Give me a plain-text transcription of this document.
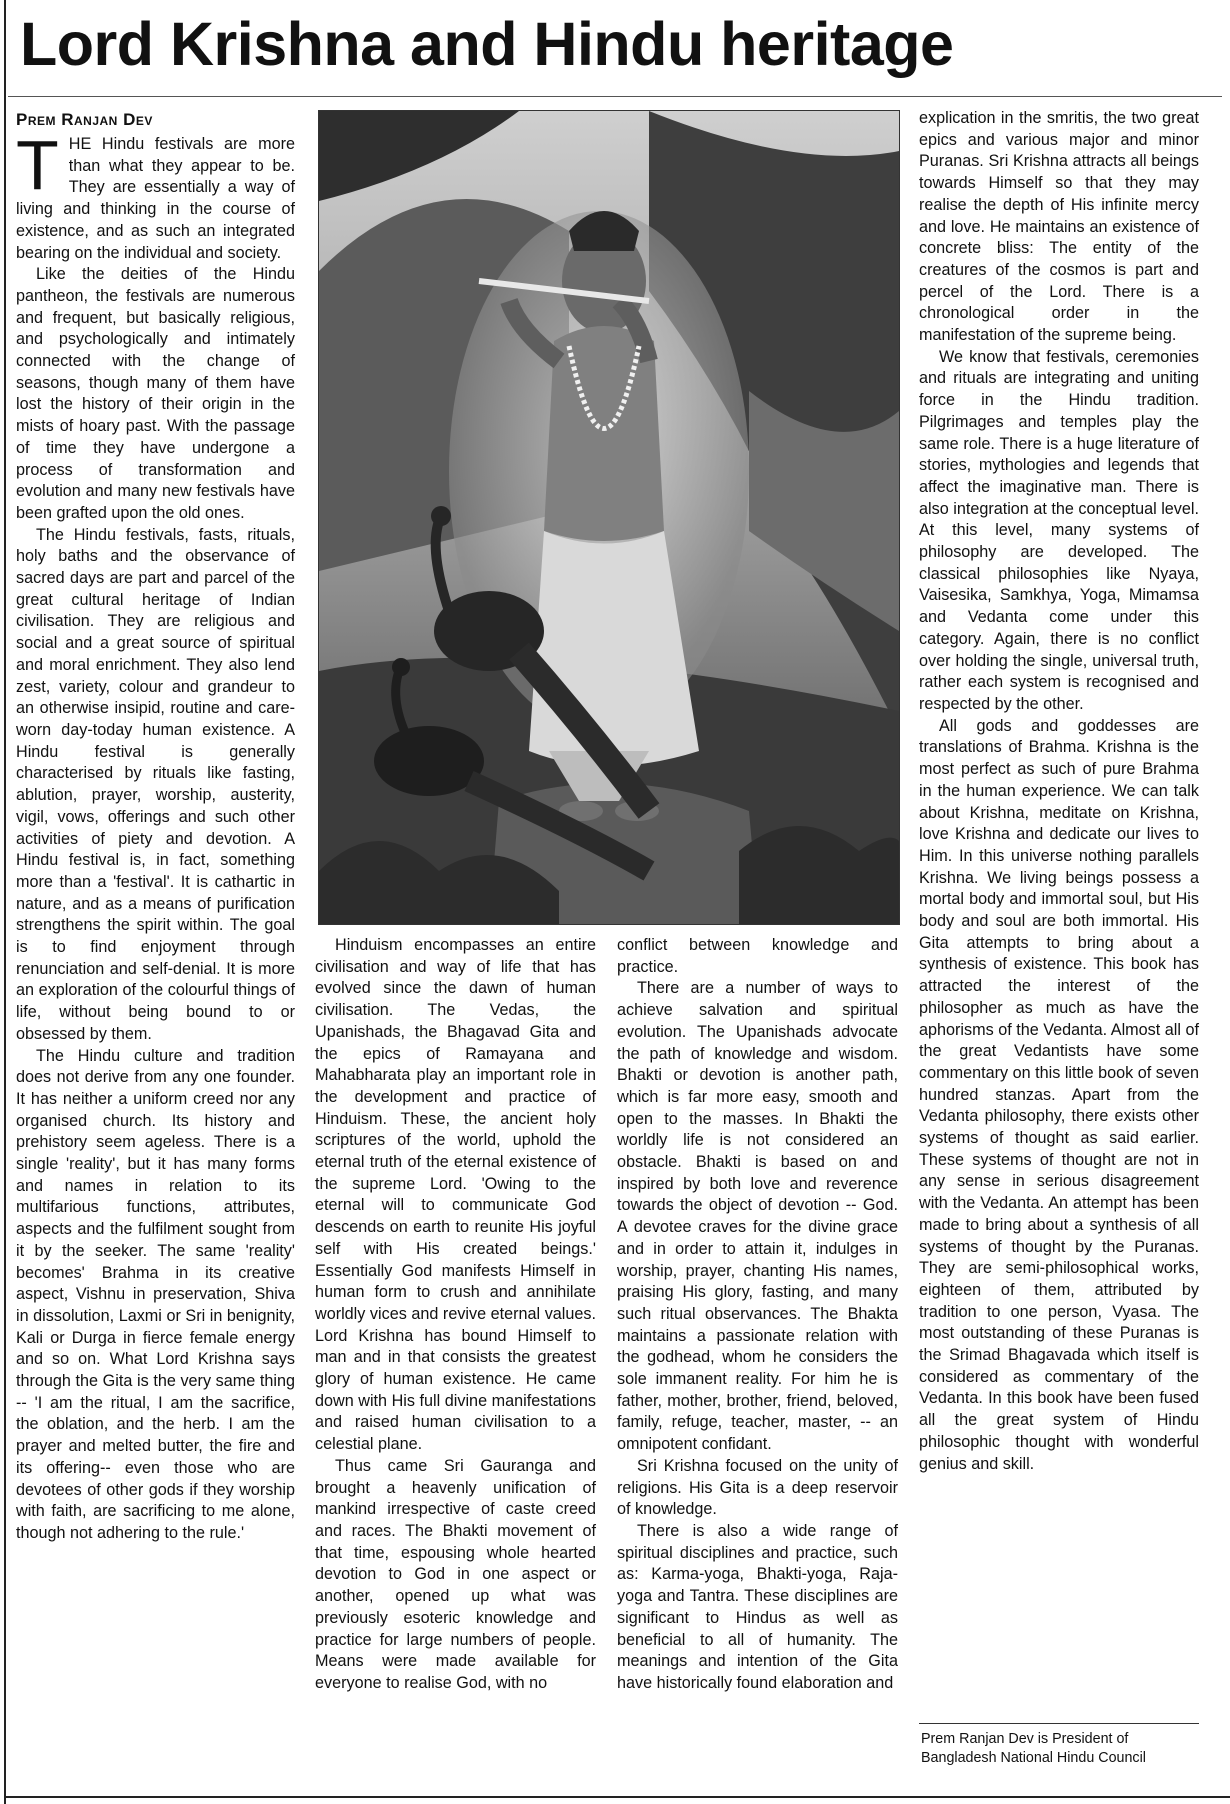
Lord Krishna and Hindu heritage
Prem Ranjan Dev
T HE Hindu festivals are more than what they appear to be. They are essentially a way of living and thinking in the course of existence, and as such an integrated bearing on the individual and society.

Like the deities of the Hindu pantheon, the festivals are numerous and frequent, but basically religious, and psychologically and intimately connected with the change of seasons, though many of them have lost the history of their origin in the mists of hoary past. With the passage of time they have undergone a process of transformation and evolution and many new festivals have been grafted upon the old ones.

The Hindu festivals, fasts, rituals, holy baths and the observance of sacred days are part and parcel of the great cultural heritage of Indian civilisation. They are religious and social and a great source of spiritual and moral enrichment. They also lend zest, variety, colour and grandeur to an otherwise insipid, routine and care-worn day-today human existence. A Hindu festival is generally characterised by rituals like fasting, ablution, prayer, worship, austerity, vigil, vows, offerings and such other activities of piety and devotion. A Hindu festival is, in fact, something more than a 'festival'. It is cathartic in nature, and as a means of purification strengthens the spirit within. The goal is to find enjoyment through renunciation and self-denial. It is more an exploration of the colourful things of life, without being bound to or obsessed by them.

The Hindu culture and tradition does not derive from any one founder. It has neither a uniform creed nor any organised church. Its history and prehistory seem ageless. There is a single 'reality', but it has many forms and names in relation to its multifarious functions, attributes, aspects and the fulfilment sought from it by the seeker. The same 'reality' becomes' Brahma in its creative aspect, Vishnu in preservation, Shiva in dissolution, Laxmi or Sri in benignity, Kali or Durga in fierce female energy and so on. What Lord Krishna says through the Gita is the very same thing -- 'I am the ritual, I am the sacrifice, the oblation, and the herb. I am the prayer and melted butter, the fire and its offering-- even those who are devotees of other gods if they worship with faith, are sacrificing to me alone, though not adhering to the rule.'

Hinduism encompasses an entire civilisation and way of life that has evolved since the dawn of human civilisation. The Vedas, the Upanishads, the Bhagavad Gita and the epics of Ramayana and Mahabharata play an important role in the development and practice of Hinduism. These, the ancient holy scriptures of the world, uphold the eternal truth of the eternal existence of the supreme Lord. 'Owing to the eternal will to communicate God descends on earth to reunite His joyful self with His created beings.' Essentially God manifests Himself in human form to crush and annihilate worldly vices and revive eternal values. Lord Krishna has bound Himself to man and in that consists the greatest glory of human existence. He came down with His full divine manifestations and raised human civilisation to a celestial plane.

Thus came Sri Gauranga and brought a heavenly unification of mankind irrespective of caste creed and races. The Bhakti movement of that time, espousing whole hearted devotion to God in one aspect or another, opened up what was previously esoteric knowledge and practice for large numbers of people. Means were made available for everyone to realise God, with no

conflict between knowledge and practice.

There are a number of ways to achieve salvation and spiritual evolution. The Upanishads advocate the path of knowledge and wisdom. Bhakti or devotion is another path, which is far more easy, smooth and open to the masses. In Bhakti the worldly life is not considered an obstacle. Bhakti is based on and inspired by both love and reverence towards the object of devotion -- God. A devotee craves for the divine grace and in order to attain it, indulges in worship, prayer, chanting His names, praising His glory, fasting, and many such ritual observances. The Bhakta maintains a passionate relation with the godhead, whom he considers the sole immanent reality. For him he is father, mother, brother, friend, beloved, family, refuge, teacher, master, -- an omnipotent confidant.

Sri Krishna focused on the unity of religions. His Gita is a deep reservoir of knowledge.

There is also a wide range of spiritual disciplines and practice, such as: Karma-yoga, Bhakti-yoga, Raja-yoga and Tantra. These disciplines are significant to Hindus as well as beneficial to all of humanity. The meanings and intention of the Gita have historically found elaboration and

explication in the smritis, the two great epics and various major and minor Puranas. Sri Krishna attracts all beings towards Himself so that they may realise the depth of His infinite mercy and love. He maintains an existence of concrete bliss: The entity of the creatures of the cosmos is part and percel of the Lord. There is a chronological order in the manifestation of the supreme being.

We know that festivals, ceremonies and rituals are integrating and uniting force in the Hindu tradition. Pilgrimages and temples play the same role. There is a huge literature of stories, mythologies and legends that affect the imaginative man. There is also integration at the conceptual level. At this level, many systems of philosophy are developed. The classical philosophies like Nyaya, Vaisesika, Samkhya, Yoga, Mimamsa and Vedanta come under this category. Again, there is no conflict over holding the single, universal truth, rather each system is recognised and respected by the other.

All gods and goddesses are translations of Brahma. Krishna is the most perfect as such of pure Brahma in the human experience. We can talk about Krishna, meditate on Krishna, love Krishna and dedicate our lives to Him. In this universe nothing parallels Krishna. We living beings possess a mortal body and immortal soul, but His body and soul are both immortal. His Gita attempts to bring about a synthesis of existence. This book has attracted the interest of the philosopher as much as have the aphorisms of the Vedanta. Almost all of the great Vedantists have some commentary on this little book of seven hundred stanzas. Apart from the Vedanta philosophy, there exists other systems of thought as said earlier. These systems of thought are not in any sense in serious disagreement with the Vedanta. An attempt has been made to bring about a synthesis of all systems of thought by the Puranas. They are semi-philosophical works, eighteen of them, attributed by tradition to one person, Vyasa. The most outstanding of these Puranas is the Srimad Bhagavada which itself is considered as commentary of the Vedanta. In this book have been fused all the great system of Hindu philosophic thought with wonderful genius and skill.

Prem Ranjan Dev is President of Bangladesh National Hindu Council
